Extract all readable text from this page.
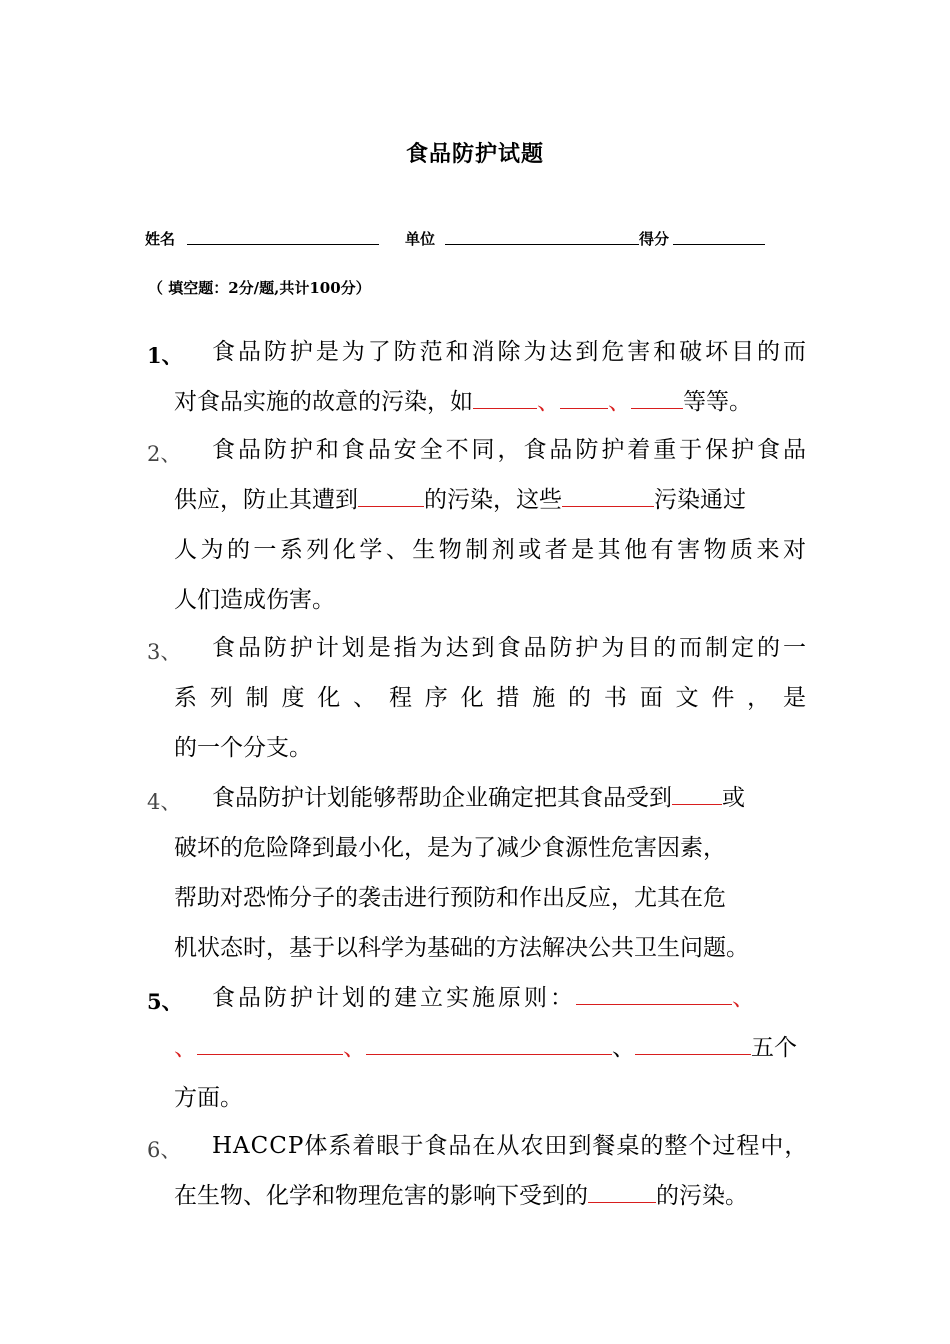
食品防护试题
姓名	单位	得分
（ 填空题：2分/题,共计100分）
1、 食品防护是为了防范和消除为达到危害和破坏目的而
对食品实施的故意的污染，如	、 、 等等。
2、 食品防护和食品安全不同，食品防护着重于保护食品
供应，防止其遭到	的污染，这些	污染通过
人为的一系列化学、生物制剂或者是其他有害物质来对
人们造成伤害。
3、 食品防护计划是指为达到食品防护为目的而制定的一
系列制度化、程序化措施的书面文件，是
的一个分支。
4、 食品防护计划能够帮助企业确定把其食品受到 或
破坏的危险降到最小化，是为了减少食源性危害因素，
帮助对恐怖分子的袭击进行预防和作出反应，尤其在危
机状态时，基于以科学为基础的方法解决公共卫生问题。
5、 食品防护计划的建立实施原则：	、
、	、	、	五个
方面。
6、 HACCP体系着眼于食品在从农田到餐桌的整个过程中，
在生物、化学和物理危害的影响下受到的	的污染。
